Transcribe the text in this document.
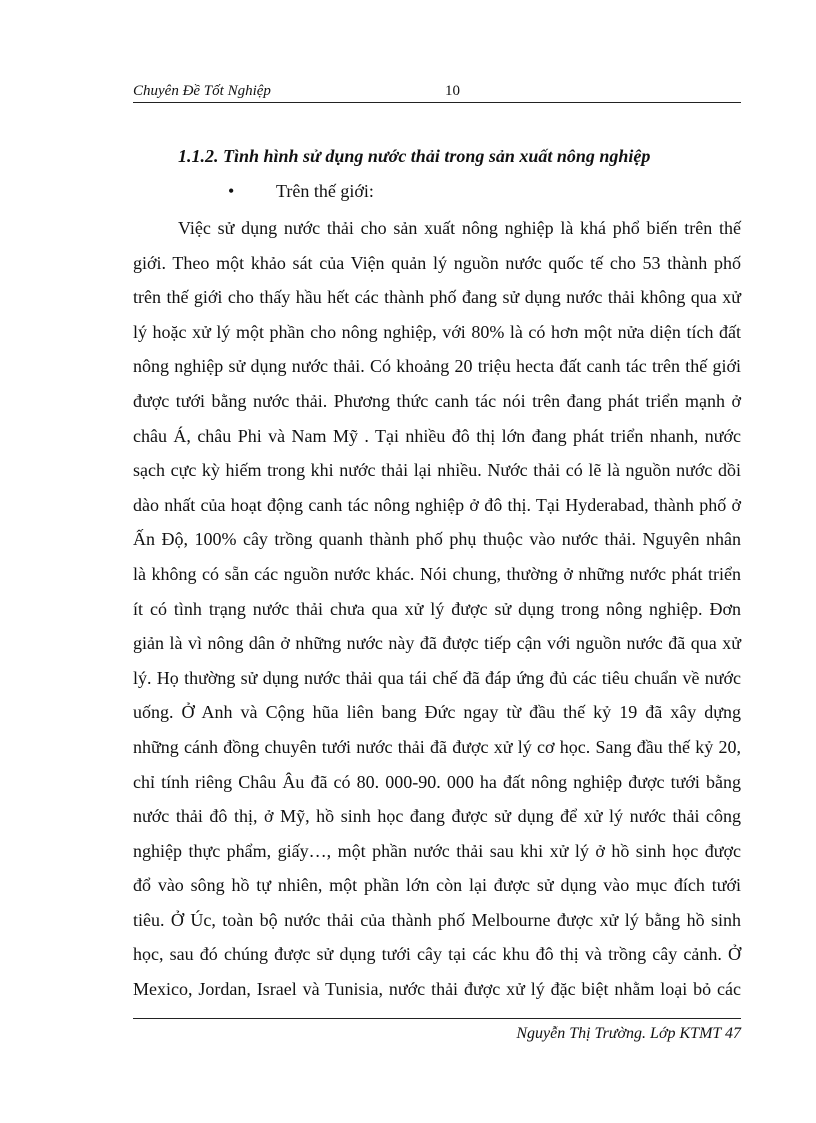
Chuyên Đề Tốt Nghiệp	10
1.1.2. Tình hình sử dụng nước thải trong sản xuất nông nghiệp
• Trên thế giới:
Việc sử dụng nước thải cho sản xuất nông nghiệp là khá phổ biến trên thế
giới. Theo một khảo sát của Viện quản lý nguồn nước quốc tế cho 53 thành phố
trên thế giới cho thấy hầu hết các thành phố đang sử dụng nước thải không qua xử
lý hoặc xử lý một phần cho nông nghiệp, với 80% là có hơn một nửa diện tích đất
nông nghiệp sử dụng nước thải. Có khoảng 20 triệu hecta đất canh tác trên thế giới
được tưới bằng nước thải. Phương thức canh tác nói trên đang phát triển mạnh ở
châu Á, châu Phi và Nam Mỹ . Tại nhiều đô thị lớn đang phát triển nhanh, nước
sạch cực kỳ hiếm trong khi nước thải lại nhiều. Nước thải có lẽ là nguồn nước dồi
dào nhất của hoạt động canh tác nông nghiệp ở đô thị. Tại Hyderabad, thành phố ở
Ấn Độ, 100% cây trồng quanh thành phố phụ thuộc vào nước thải. Nguyên nhân
là không có sẵn các nguồn nước khác. Nói chung, thường ở những nước phát triển
ít có tình trạng nước thải chưa qua xử lý được sử dụng trong nông nghiệp. Đơn
giản là vì nông dân ở những nước này đã được tiếp cận với nguồn nước đã qua xử
lý. Họ thường sử dụng nước thải qua tái chế đã đáp ứng đủ các tiêu chuẩn về nước
uống. Ở Anh và Cộng hũa liên bang Đức ngay từ đầu thế kỷ 19 đã xây dựng
những cánh đồng chuyên tưới nước thải đã được xử lý cơ học. Sang đầu thế kỷ 20,
chỉ tính riêng Châu Âu đã có 80. 000-90. 000 ha đất nông nghiệp được tưới bằng
nước thải đô thị, ở Mỹ, hồ sinh học đang được sử dụng để xử lý nước thải công
nghiệp thực phẩm, giấy…, một phần nước thải sau khi xử lý ở hồ sinh học được
đổ vào sông hồ tự nhiên, một phần lớn còn lại được sử dụng vào mục đích tưới
tiêu. Ở Úc, toàn bộ nước thải của thành phố Melbourne được xử lý bằng hồ sinh
học, sau đó chúng được sử dụng tưới cây tại các khu đô thị và trồng cây cảnh. Ở
Mexico, Jordan, Israel và Tunisia, nước thải được xử lý đặc biệt nhằm loại bỏ các
Nguyễn Thị Trường. Lớp KTMT 47
